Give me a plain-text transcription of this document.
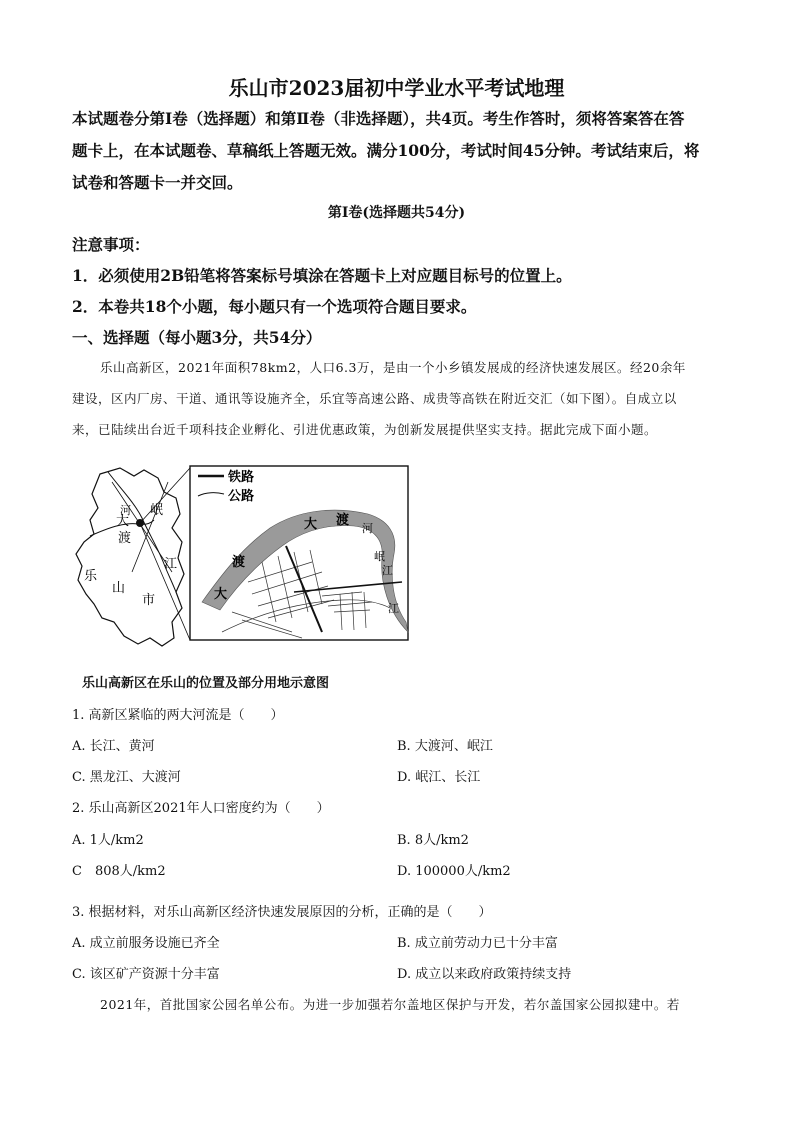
乐山市2023届初中学业水平考试地理
本试题卷分第Ⅰ卷（选择题）和第Ⅱ卷（非选择题），共4页。考生作答时，须将答案答在答
题卡上，在本试题卷、草稿纸上答题无效。满分100分，考试时间45分钟。考试结束后，将
试卷和答题卡一并交回。
第Ⅰ卷(选择题共54分)
注意事项：
1．必须使用2B铅笔将答案标号填涂在答题卡上对应题目标号的位置上。
2．本卷共18个小题，每小题只有一个选项符合题目要求。
一、选择题（每小题3分，共54分）
乐山高新区，2021年面积78km2，人口6.3万，是由一个小乡镇发展成的经济快速发展区。经20余年
建设，区内厂房、干道、通讯等设施齐全，乐宜等高速公路、成贵等高铁在附近交汇（如下图）。自成立以
来，已陆续出台近千项科技企业孵化、引进优惠政策，为创新发展提供坚实支持。据此完成下面小题。
大
渡
河 岷
江
乐
山
市
铁路
公路
大 渡
河
大
渡	岷
江
江
乐山高新区在乐山的位置及部分用地示意图
1. 高新区紧临的两大河流是（　　）
A. 长江、黄河	B. 大渡河、岷江
C. 黑龙江、大渡河	D. 岷江、长江
2. 乐山高新区2021年人口密度约为（　　）
A. 1人/km2	B. 8人/km2
C　808人/km2	D. 100000人/km2
3. 根据材料，对乐山高新区经济快速发展原因的分析，正确的是（　　）
A. 成立前服务设施已齐全	B. 成立前劳动力已十分丰富
C. 该区矿产资源十分丰富	D. 成立以来政府政策持续支持
2021年，首批国家公园名单公布。为进一步加强若尔盖地区保护与开发，若尔盖国家公园拟建中。若
